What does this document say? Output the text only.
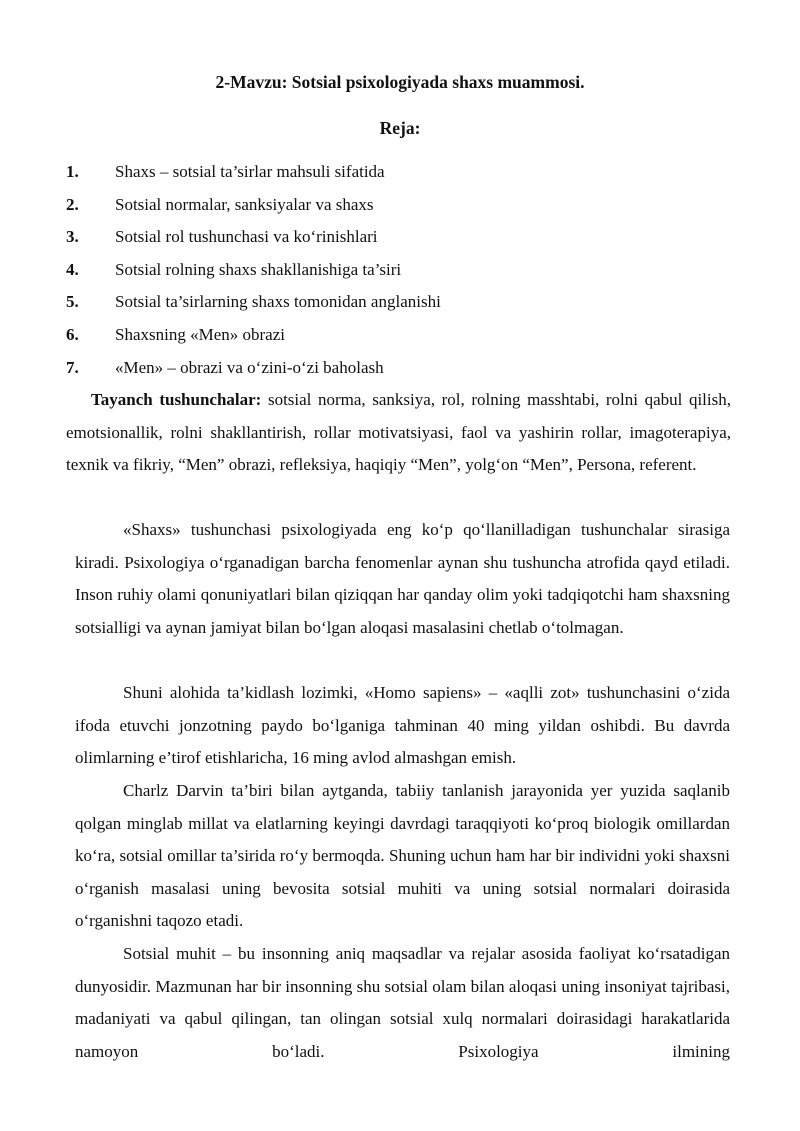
2-Mavzu: Sotsial psixologiyada shaxs muammosi.
Reja:
1.	Shaxs – sotsial ta’sirlar mahsuli sifatida
2.	Sotsial normalar, sanksiyalar va shaxs
3.	Sotsial rol tushunchasi va ko‘rinishlari
4.	Sotsial rolning shaxs shakllanishiga ta’siri
5.	Sotsial ta’sirlarning shaxs tomonidan anglanishi
6.	Shaxsning «Men» obrazi
7.	«Men» – obrazi va o‘zini-o‘zi baholash

Tayanch tushunchalar: sotsial norma, sanksiya, rol, rolning masshtabi, rolni qabul qilish, emotsionallik, rolni shakllantirish, rollar motivatsiyasi, faol va yashirin rollar, imagoterapiya, texnik va fikriy, “Men” obrazi, refleksiya, haqiqiy “Men”, yolg‘on “Men”, Persona, referent.

«Shaxs» tushunchasi psixologiyada eng ko‘p qo‘llanilladigan tushunchalar sirasiga kiradi. Psixologiya o‘rganadigan barcha fenomenlar aynan shu tushuncha atrofida qayd etiladi. Inson ruhiy olami qonuniyatlari bilan qiziqqan har qanday olim yoki tadqiqotchi ham shaxsning sotsialligi va aynan jamiyat bilan bo‘lgan aloqasi masalasini chetlab o‘tolmagan.

Shuni alohida ta’kidlash lozimki, «Homo sapiens» – «aqlli zot» tushunchasini o‘zida ifoda etuvchi jonzotning paydo bo‘lganiga tahminan 40 ming yildan oshibdi. Bu davrda olimlarning e’tirof etishlaricha, 16 ming avlod almashgan emish.

Charlz Darvin ta’biri bilan aytganda, tabiiy tanlanish jarayonida yer yuzida saqlanib qolgan minglab millat va elatlarning keyingi davrdagi taraqqiyoti ko‘proq biologik omillardan ko‘ra, sotsial omillar ta’sirida ro‘y bermoqda. Shuning uchun ham har bir individni yoki shaxsni o‘rganish masalasi uning bevosita sotsial muhiti va uning sotsial normalari doirasida o‘rganishni taqozo etadi.

Sotsial muhit – bu insonning aniq maqsadlar va rejalar asosida faoliyat ko‘rsatadigan dunyosidir. Mazmunan har bir insonning shu sotsial olam bilan aloqasi uning insoniyat tajribasi, madaniyati va qabul qilingan, tan olingan sotsial xulq normalari doirasidagi harakatlarida namoyon bo‘ladi. Psixologiya ilmining
